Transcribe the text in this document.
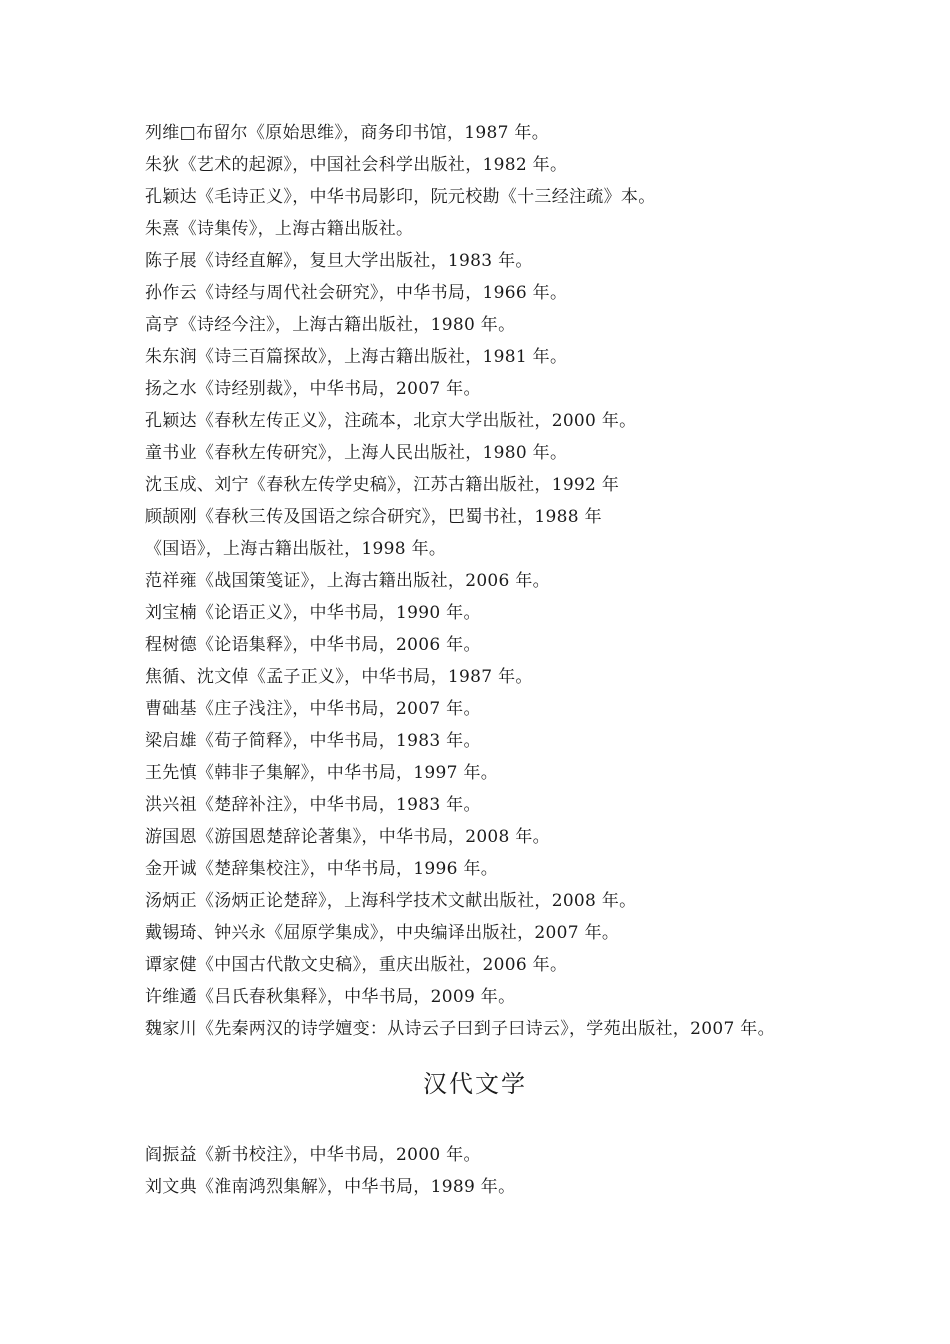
列维□布留尔《原始思维》，商务印书馆，1987 年。
朱狄《艺术的起源》，中国社会科学出版社，1982 年。
孔颖达《毛诗正义》，中华书局影印，阮元校勘《十三经注疏》本。
朱熹《诗集传》，上海古籍出版社。
陈子展《诗经直解》，复旦大学出版社，1983 年。
孙作云《诗经与周代社会研究》，中华书局，1966 年。
高亨《诗经今注》，上海古籍出版社，1980 年。
朱东润《诗三百篇探故》，上海古籍出版社，1981 年。
扬之水《诗经别裁》，中华书局，2007 年。
孔颖达《春秋左传正义》，注疏本，北京大学出版社，2000 年。
童书业《春秋左传研究》，上海人民出版社，1980 年。
沈玉成、刘宁《春秋左传学史稿》，江苏古籍出版社，1992 年
顾颉刚《春秋三传及国语之综合研究》，巴蜀书社，1988 年
《国语》，上海古籍出版社，1998 年。
范祥雍《战国策笺证》，上海古籍出版社，2006 年。
刘宝楠《论语正义》，中华书局，1990 年。
程树德《论语集释》，中华书局，2006 年。
焦循、沈文倬《孟子正义》，中华书局，1987 年。
曹础基《庄子浅注》，中华书局，2007 年。
梁启雄《荀子简释》，中华书局，1983 年。
王先慎《韩非子集解》，中华书局，1997 年。
洪兴祖《楚辞补注》，中华书局，1983 年。
游国恩《游国恩楚辞论著集》，中华书局，2008 年。
金开诚《楚辞集校注》，中华书局，1996 年。
汤炳正《汤炳正论楚辞》，上海科学技术文献出版社，2008 年。
戴锡琦、钟兴永《屈原学集成》，中央编译出版社，2007 年。
谭家健《中国古代散文史稿》，重庆出版社，2006 年。
许维遹《吕氏春秋集释》，中华书局，2009 年。
魏家川《先秦两汉的诗学嬗变：从诗云子曰到子曰诗云》，学苑出版社，2007 年。
汉代文学
阎振益《新书校注》，中华书局，2000 年。
刘文典《淮南鸿烈集解》，中华书局，1989 年。
